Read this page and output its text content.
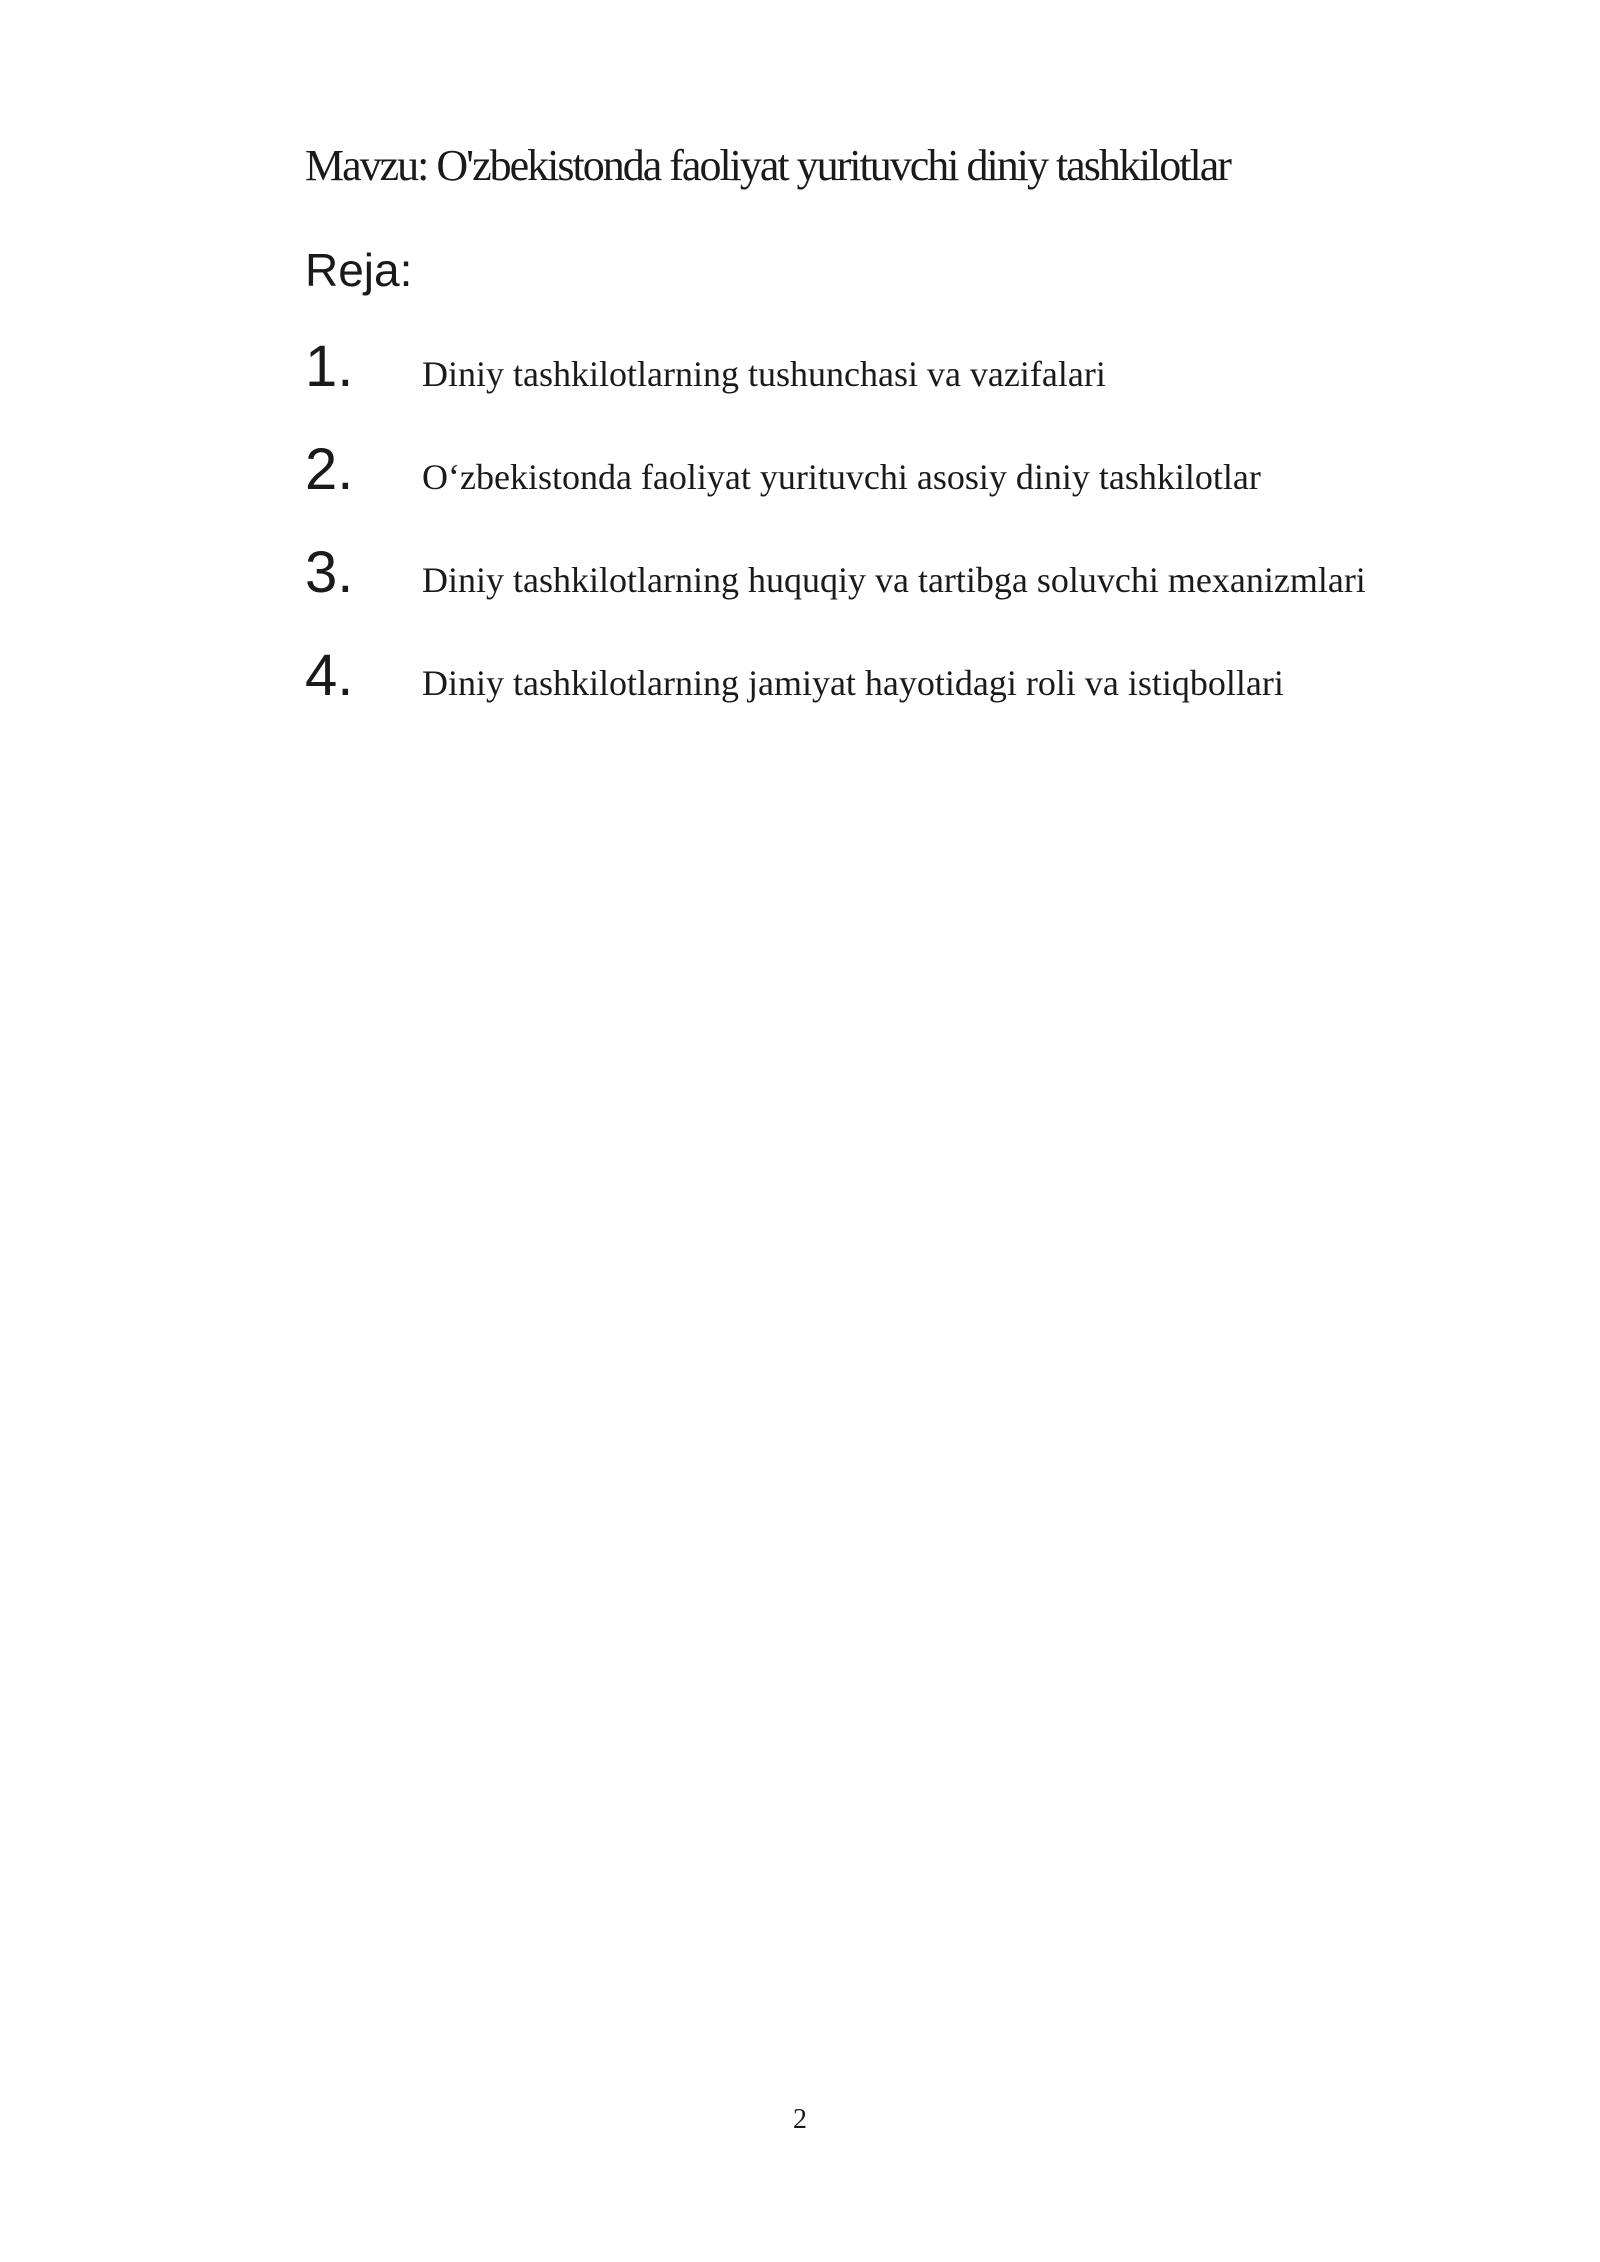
Mavzu: O'zbekistonda faoliyat yurituvchi diniy tashkilotlar
Reja:
1.	Diniy tashkilotlarning tushunchasi va vazifalari
2.	O‘zbekistonda faoliyat yurituvchi asosiy diniy tashkilotlar
3.	Diniy tashkilotlarning huquqiy va tartibga soluvchi mexanizmlari
4.	Diniy tashkilotlarning jamiyat hayotidagi roli va istiqbollari
2
